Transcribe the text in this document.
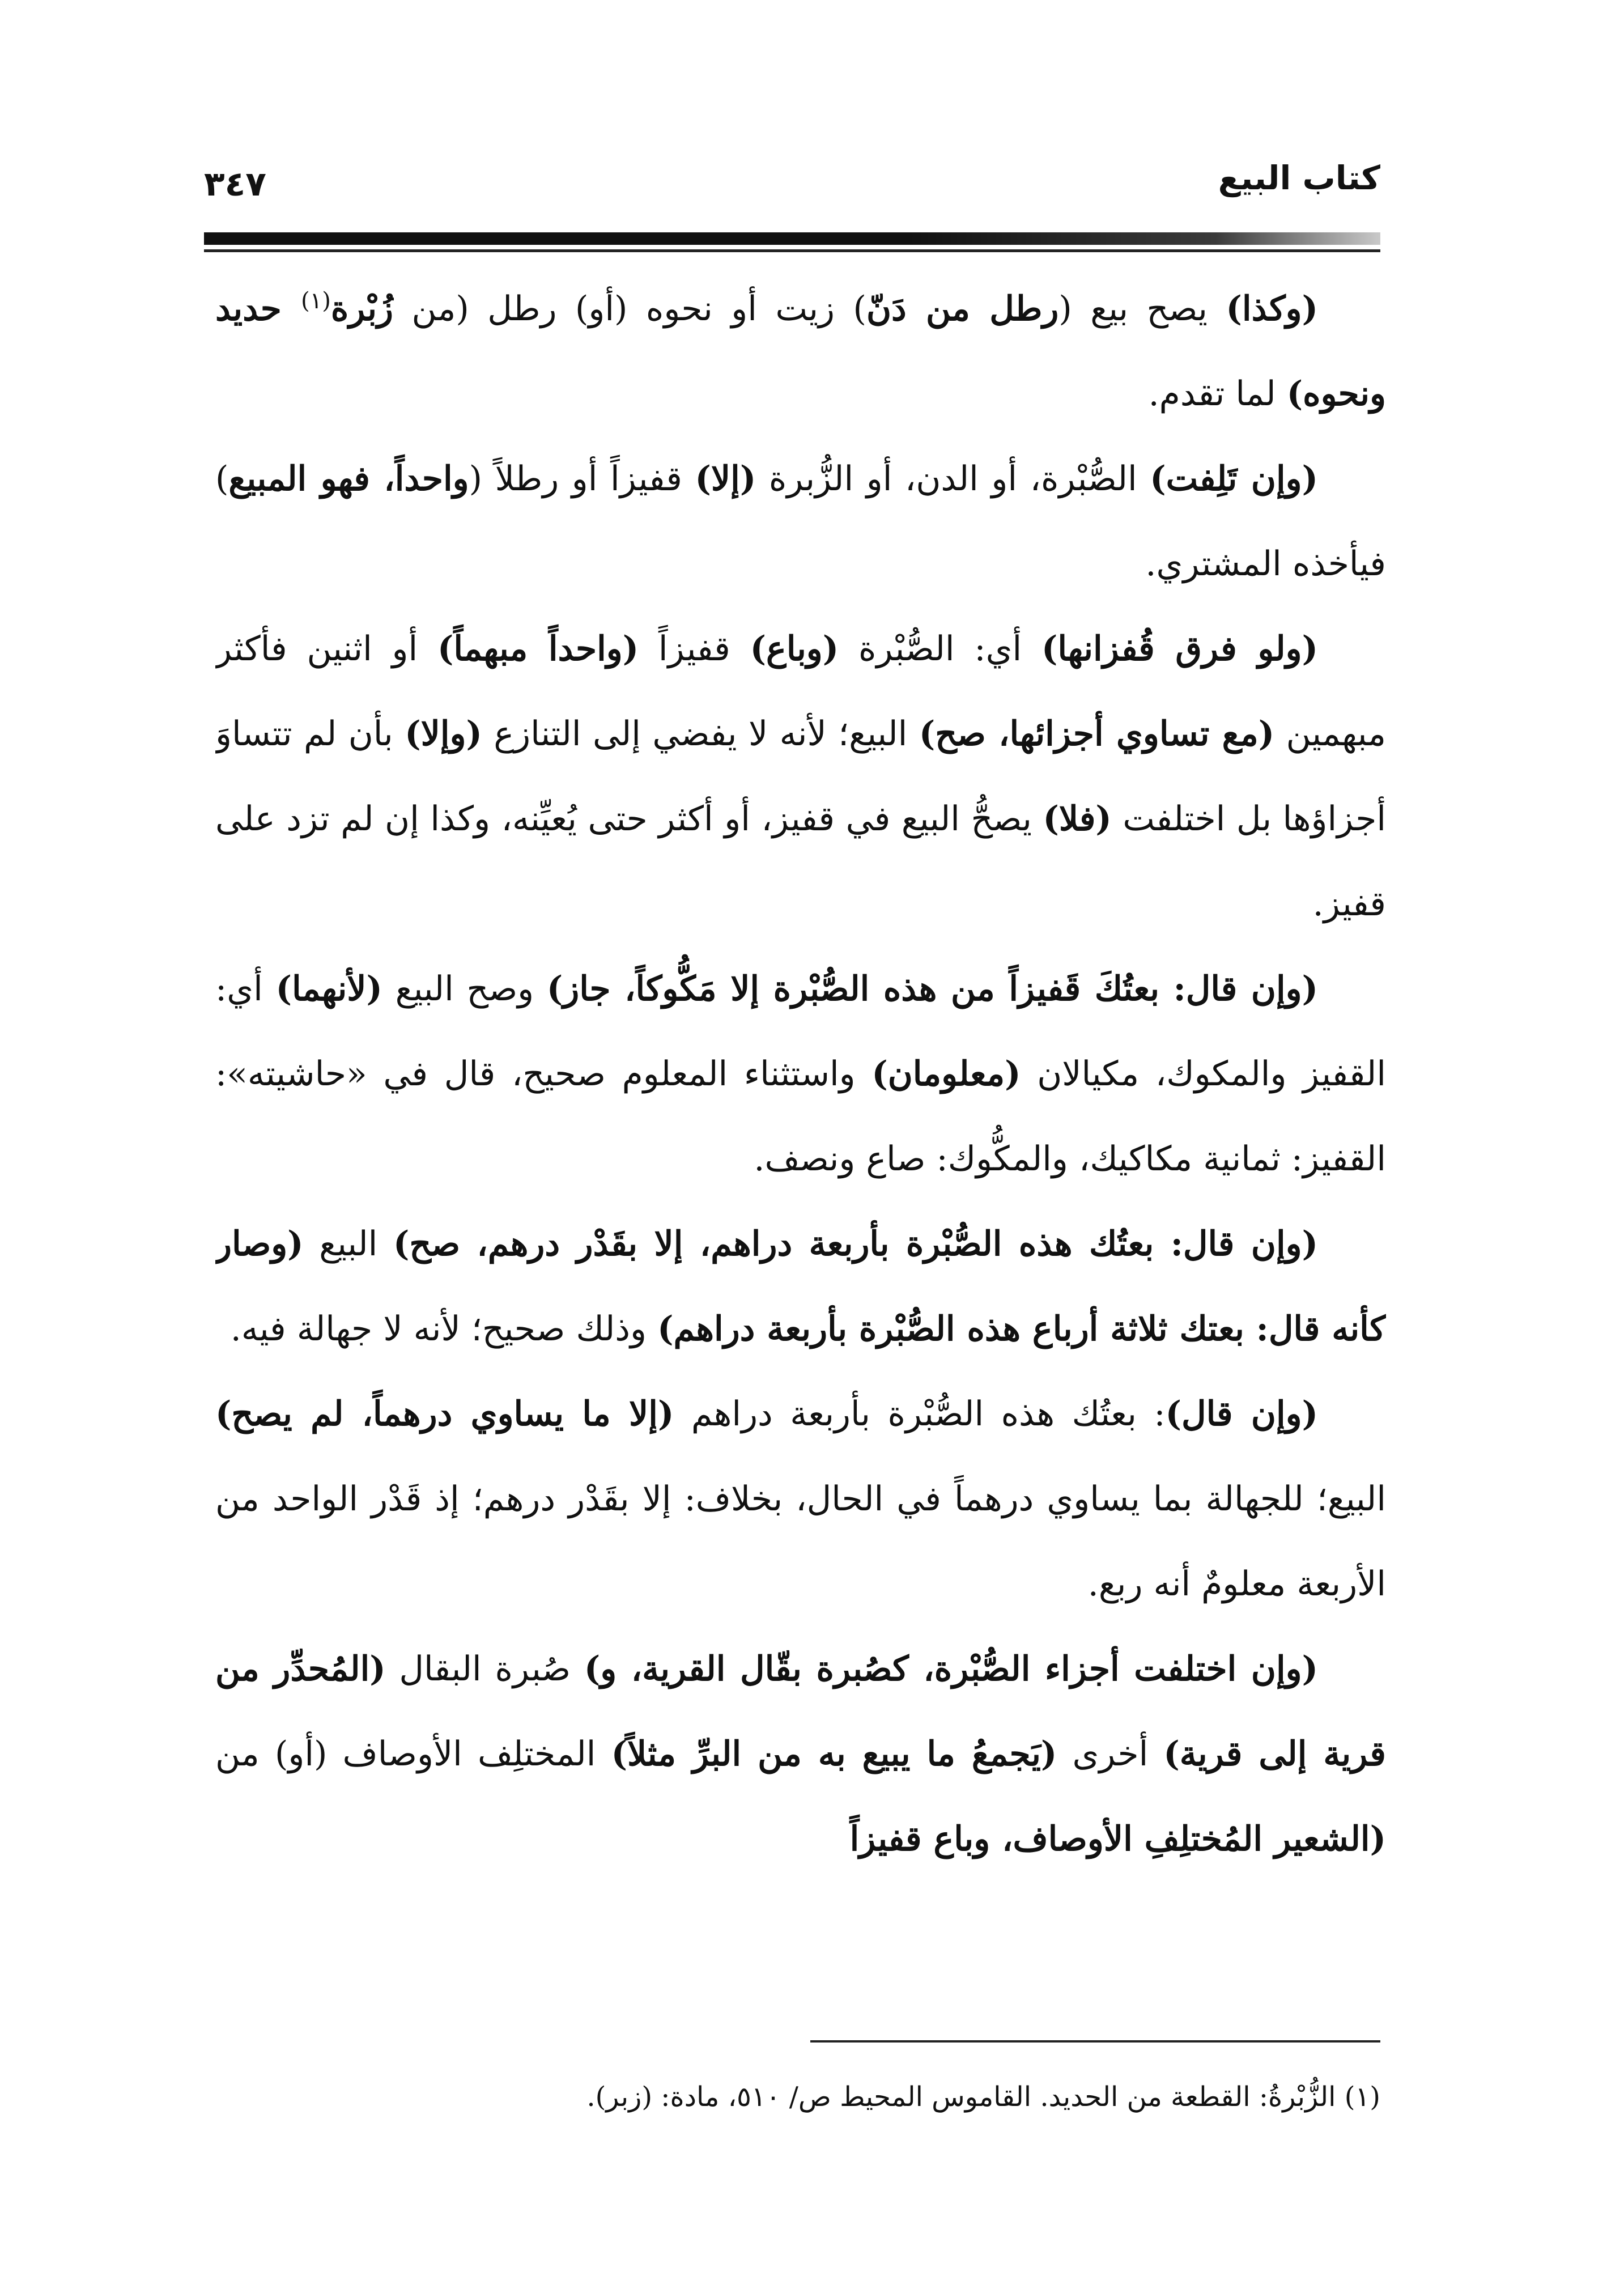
كتاب البيع
٣٤٧

(وكذا) يصح بيع (رطل من دَنّ) زيت أو نحوه (أو) رطل (من زُبْرة$^{(١)}$ حديد ونحوه) لما تقدم.

(وإن تَلِفت) الصُّبْرة، أو الدن، أو الزُّبرة (إلا) قفيزاً أو رطلاً (واحداً، فهو المبيع) فيأخذه المشتري.

(ولو فرق قُفزانها) أي: الصُّبْرة (وباع) قفيزاً (واحداً مبهماً) أو اثنين فأكثر مبهمين (مع تساوي أجزائها، صح) البيع؛ لأنه لا يفضي إلى التنازع (وإلا) بأن لم تتساوَ أجزاؤها بل اختلفت (فلا) يصحُّ البيع في قفيز، أو أكثر حتى يُعيِّنه، وكذا إن لم تزد على قفيز.

(وإن قال: بعتُكَ قَفيزاً من هذه الصُّبْرة إلا مَكُّوكاً، جاز) وصح البيع (لأنهما) أي: القفيز والمكوك، مكيالان (معلومان) واستثناء المعلوم صحيح، قال في «حاشيته»: القفيز: ثمانية مكاكيك، والمكُّوك: صاع ونصف.

(وإن قال: بعتُك هذه الصُّبْرة بأربعة دراهم، إلا بقَدْر درهم، صح) البيع (وصار كأنه قال: بعتك ثلاثة أرباع هذه الصُّبْرة بأربعة دراهم) وذلك صحيح؛ لأنه لا جهالة فيه.

(وإن قال): بعتُك هذه الصُّبْرة بأربعة دراهم (إلا ما يساوي درهماً، لم يصح) البيع؛ للجهالة بما يساوي درهماً في الحال، بخلاف: إلا بقَدْر درهم؛ إذ قَدْر الواحد من الأربعة معلومٌ أنه ربع.

(وإن اختلفت أجزاء الصُّبْرة، كصُبرة بقّال القرية، و) صُبرة البقال (المُحدِّر من قرية إلى قرية) أخرى (يَجمعُ ما يبيع به من البرِّ مثلاً) المختلِف الأوصاف (أو) من (الشعير المُختلِفِ الأوصاف، وباع قفيزاً

(١) الزُّبْرةُ: القطعة من الحديد. القاموس المحيط ص/ ٥١٠، مادة: (زبر).
